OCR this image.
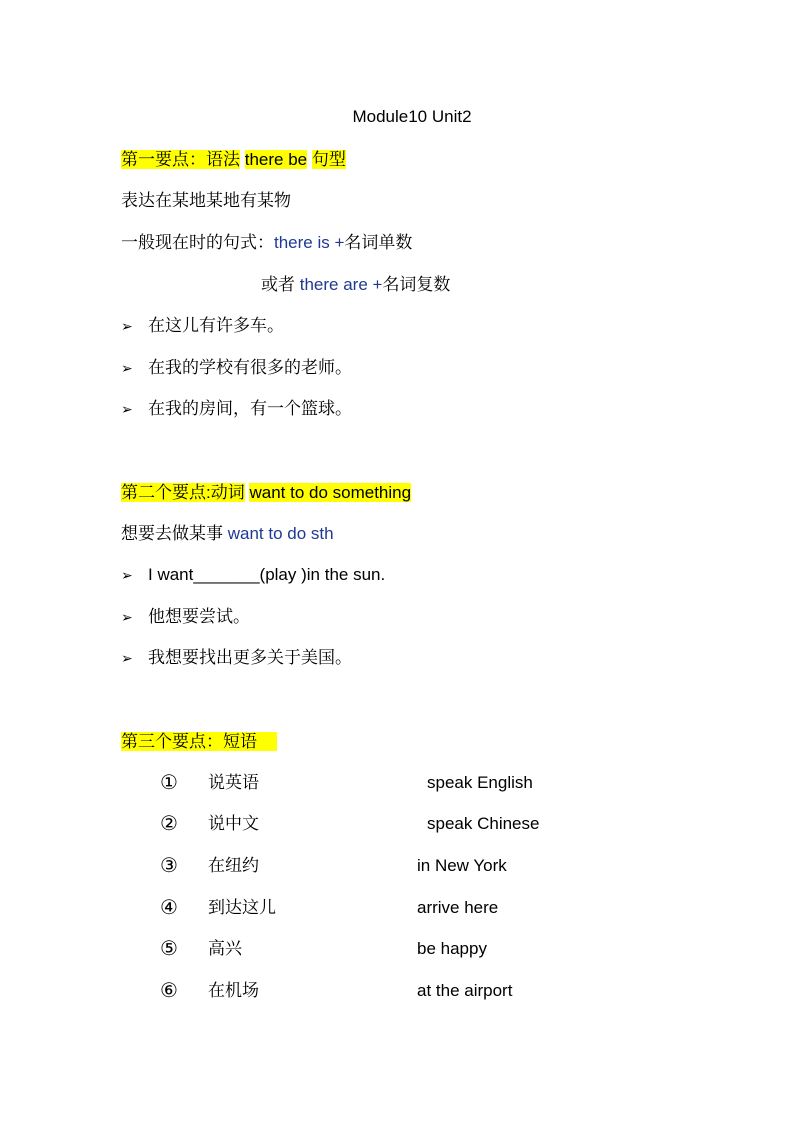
Module10 Unit2
第一要点：语法 there be 句型
表达在某地某地有某物
一般现在时的句式：there is +名词单数
或者 there are +名词复数
➢ 在这儿有许多车。
➢ 在我的学校有很多的老师。
➢ 在我的房间，有一个篮球。
第二个要点:动词 want to do something
想要去做某事 want to do sth
➢ I want_______(play )in the sun.
➢ 他想要尝试。
➢ 我想要找出更多关于美国。
第三个要点：短语
① 说英语	speak English
② 说中文	speak Chinese
③ 在纽约	in New York
④ 到达这儿	arrive here
⑤ 高兴	be happy
⑥ 在机场	at the airport
